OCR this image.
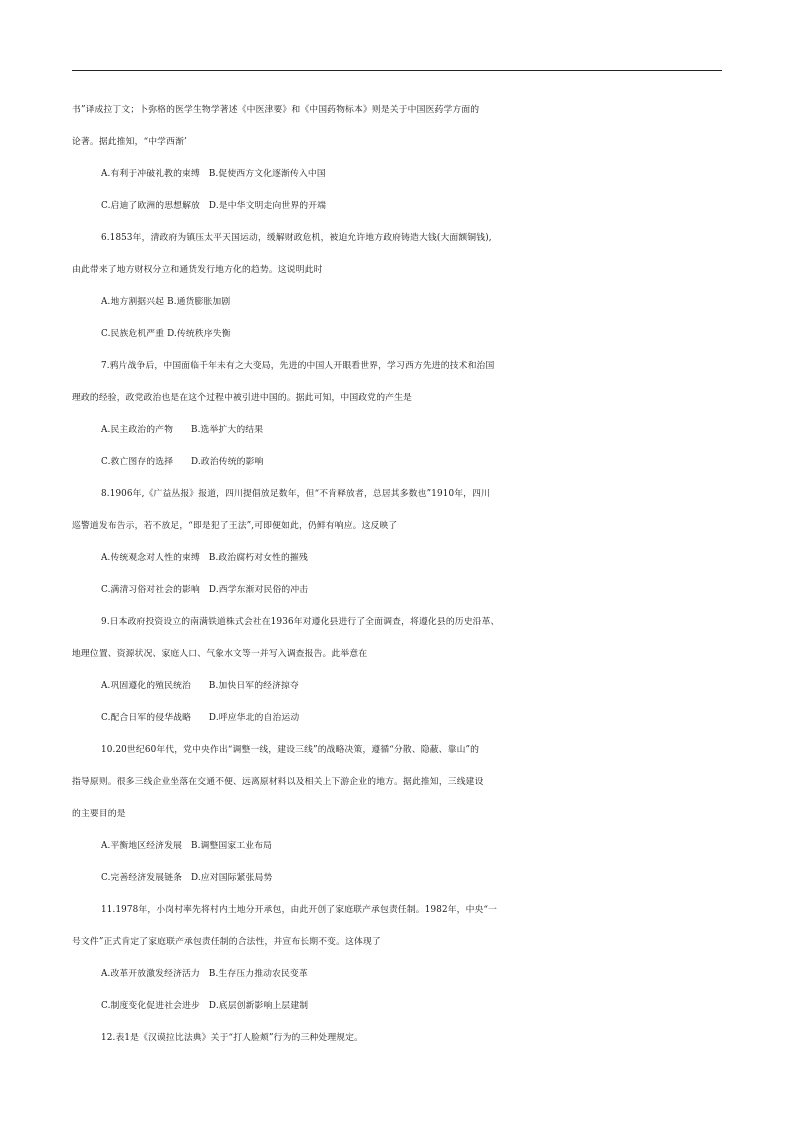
书”译成拉丁文；卜弥格的医学生物学著述《中医津要》和《中国药物标本》则是关于中国医药学方面的
论著。据此推知，“中学西渐’
A.有利于冲破礼教的束缚　B.促使西方文化逐渐传入中国
C.启迪了欧洲的思想解放　D.是中华文明走向世界的开端
6.1853年，清政府为镇压太平天国运动，缓解财政危机，被迫允许地方政府铸造大钱(大面额铜钱),
由此带来了地方财权分立和通货发行地方化的趋势。这说明此时
A.地方割据兴起 B.通货膨胀加剧
C.民族危机严重 D.传统秩序失衡
7.鸦片战争后，中国面临千年未有之大变局，先进的中国人开眼看世界，学习西方先进的技术和治国
理政的经验，政党政治也是在这个过程中被引进中国的。据此可知，中国政党的产生是
A.民主政治的产物　　B.选举扩大的结果
C.救亡图存的选择　　D.政治传统的影响
8.1906年,《广益丛报》报道，四川提倡放足数年，但“不肯释放者，总居其多数也”1910年，四川
巡警道发布告示，若不放足，“即是犯了王法”,可即便如此，仍鲜有响应。这反映了
A.传统观念对人性的束缚　B.政治腐朽对女性的摧残
C.满清习俗对社会的影响　D.西学东渐对民俗的冲击
9.日本政府投资设立的南满铁道株式会社在1936年对遵化县进行了全面调查，将遵化县的历史沿革、
地理位置、资源状况、家庭人口、气象水文等一并写入调查报告。此举意在
A.巩固遵化的殖民统治　　B.加快日军的经济掠夺
C.配合日军的侵华战略　　D.呼应华北的自治运动
10.20世纪60年代，党中央作出“调整一线，建设三线”的战略决策，遵循“分散、隐蔽、靠山”的
指导原则。很多三线企业坐落在交通不便、远离原材料以及相关上下游企业的地方。据此推知，三线建设
的主要目的是
A.平衡地区经济发展　B.调整国家工业布局
C.完善经济发展链条　D.应对国际紧张局势
11.1978年，小岗村率先将村内土地分开承包，由此开创了家庭联产承包责任制。1982年，中央“一
号文件”正式肯定了家庭联产承包责任制的合法性，并宣布长期不变。这体现了
A.改革开放激发经济活力　B.生存压力推动农民变革
C.制度变化促进社会进步　D.底层创新影响上层建制
12.表1是《汉谟拉比法典》关于“打人脸颊”行为的三种处理规定。
